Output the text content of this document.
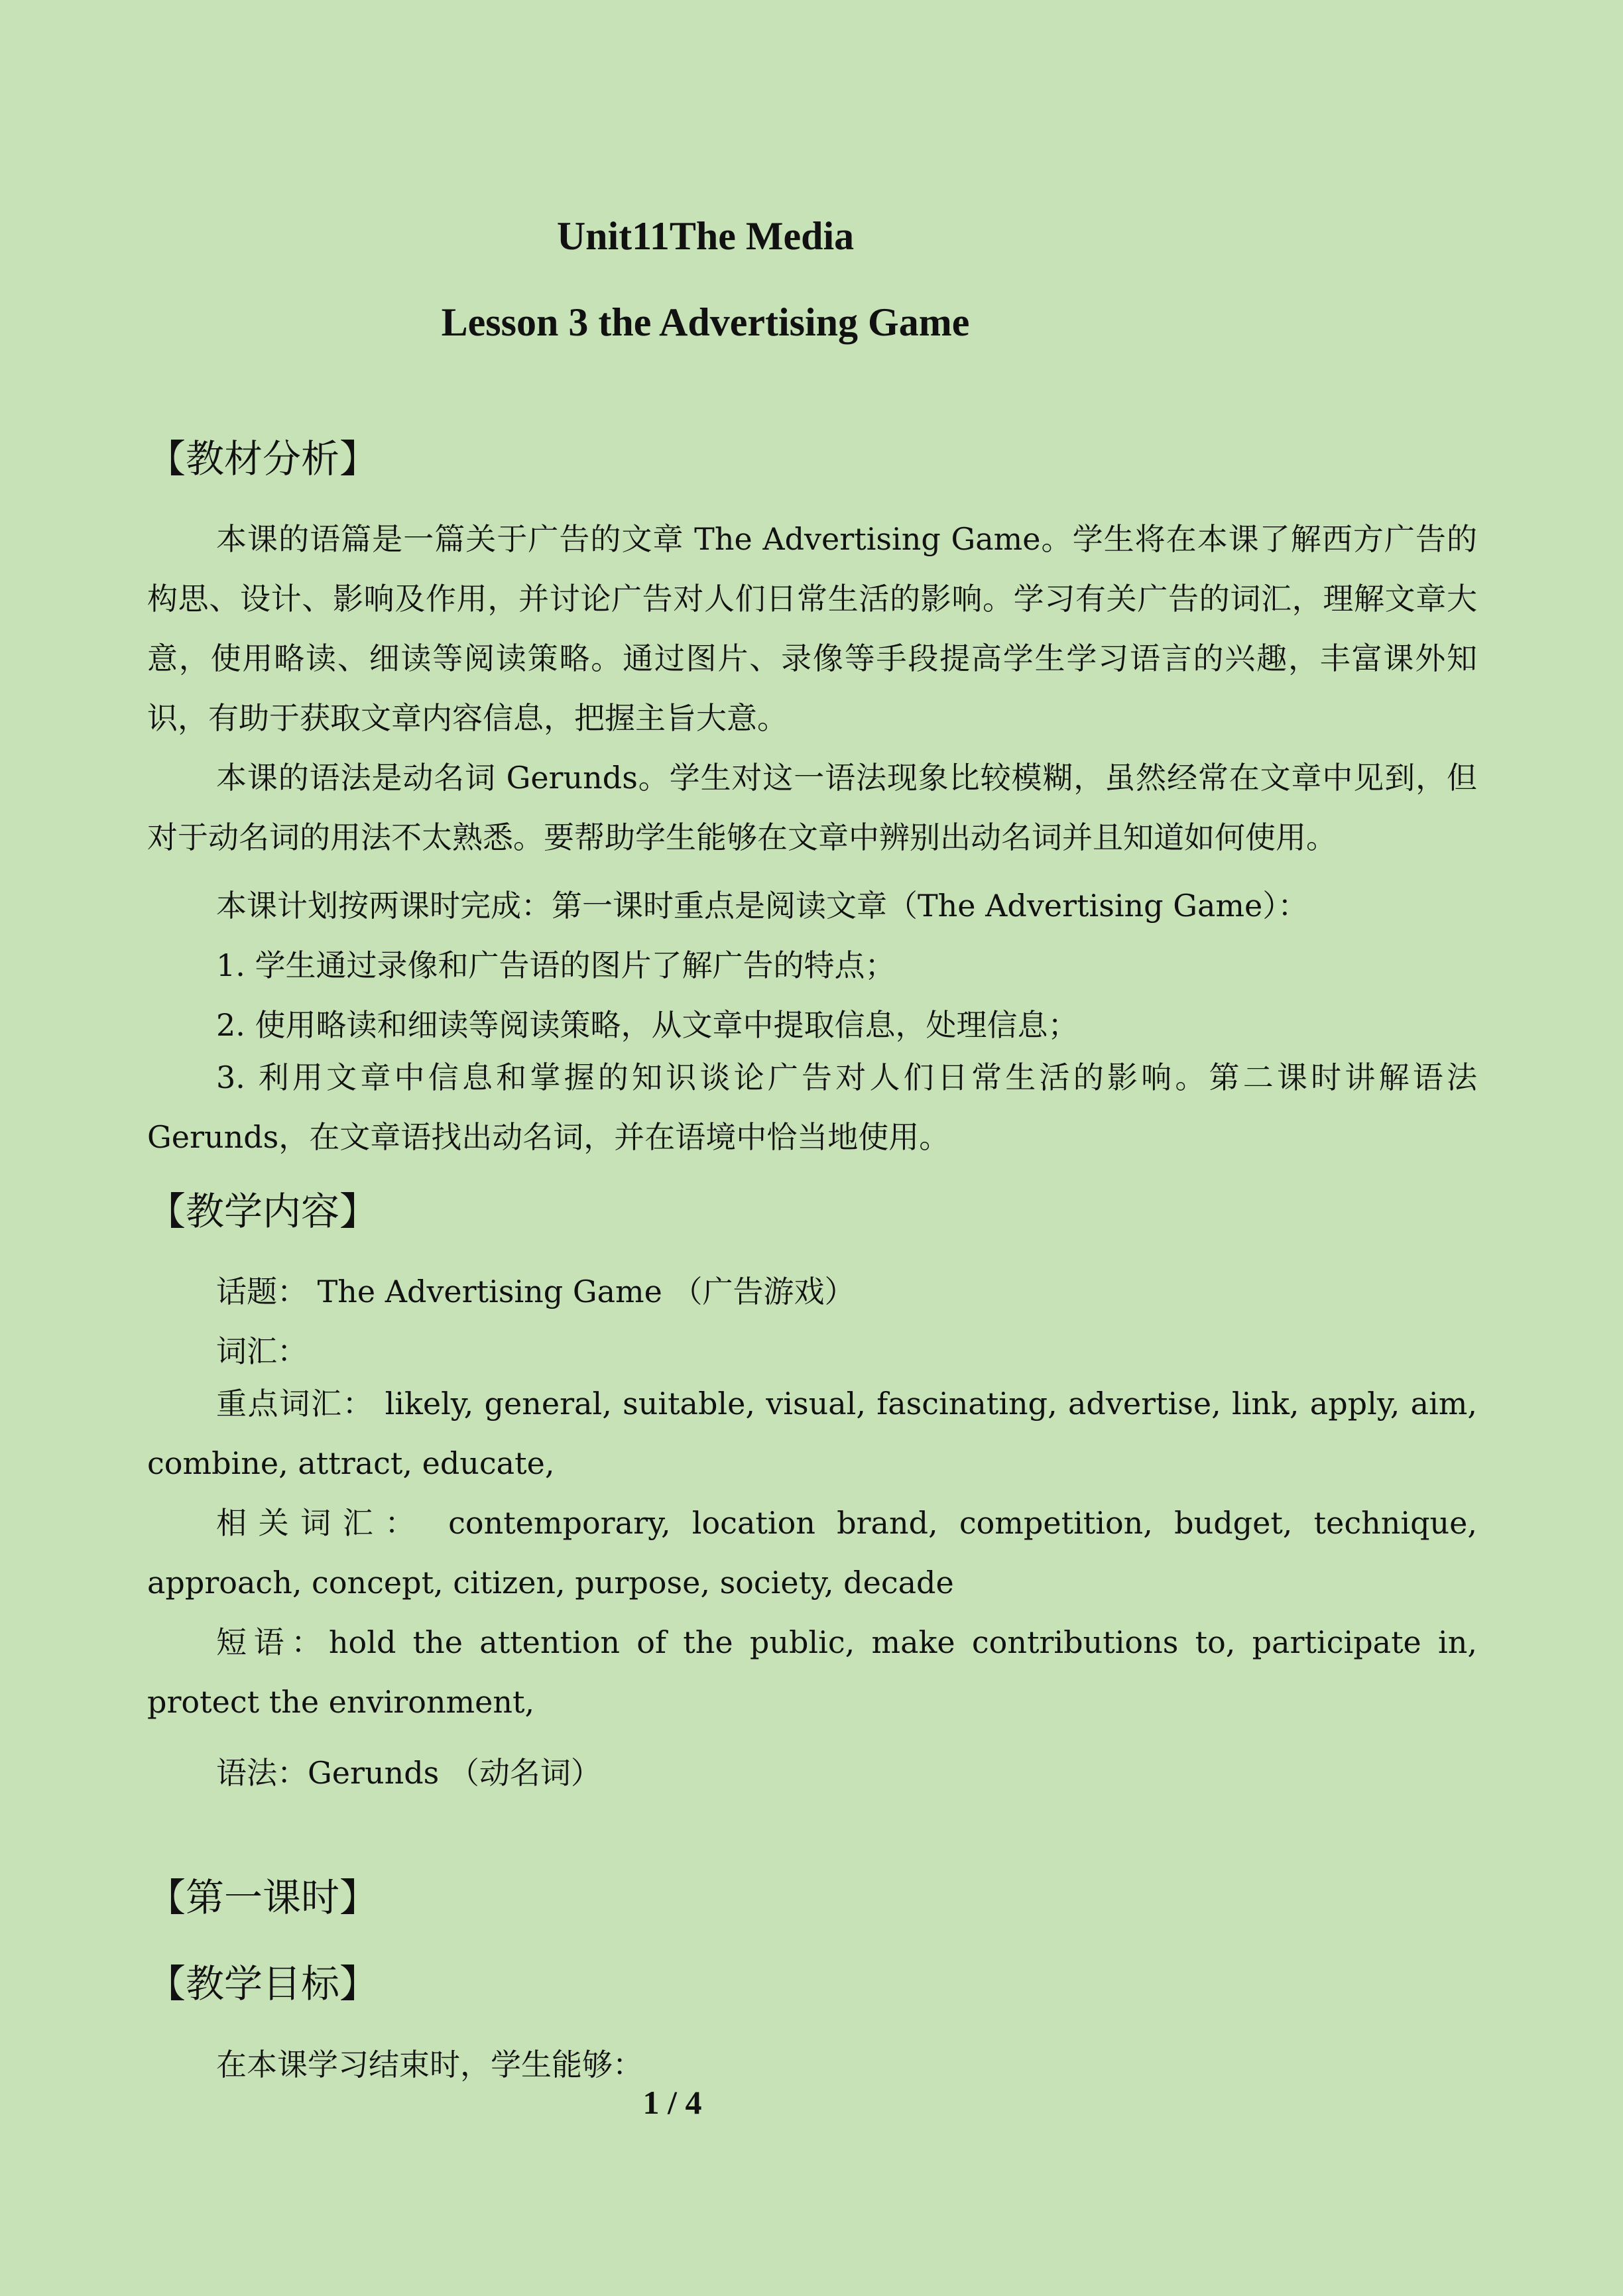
Unit11The Media
Lesson 3 the Advertising Game
【教材分析】
本课的语篇是一篇关于广告的文章 The Advertising Game。学生将在本课了解西方广告的构思、设计、影响及作用，并讨论广告对人们日常生活的影响。学习有关广告的词汇，理解文章大意，使用略读、细读等阅读策略。通过图片、录像等手段提高学生学习语言的兴趣，丰富课外知识，有助于获取文章内容信息，把握主旨大意。
本课的语法是动名词 Gerunds。学生对这一语法现象比较模糊，虽然经常在文章中见到，但对于动名词的用法不太熟悉。要帮助学生能够在文章中辨别出动名词并且知道如何使用。
本课计划按两课时完成：第一课时重点是阅读文章（The Advertising Game）：
1. 学生通过录像和广告语的图片了解广告的特点；
2. 使用略读和细读等阅读策略，从文章中提取信息，处理信息；
3. 利用文章中信息和掌握的知识谈论广告对人们日常生活的影响。第二课时讲解语法 Gerunds，在文章语找出动名词，并在语境中恰当地使用。
【教学内容】
话题： The Advertising Game （广告游戏）
词汇：
重点词汇： likely, general, suitable, visual, fascinating, advertise, link, apply, aim, combine, attract, educate,
相关词汇： contemporary, location brand, competition, budget, technique, approach, concept, citizen, purpose, society, decade
短语：hold the attention of the public, make contributions to, participate in, protect the environment,
语法：Gerunds （动名词）
【第一课时】
【教学目标】
在本课学习结束时，学生能够：
1 / 4
